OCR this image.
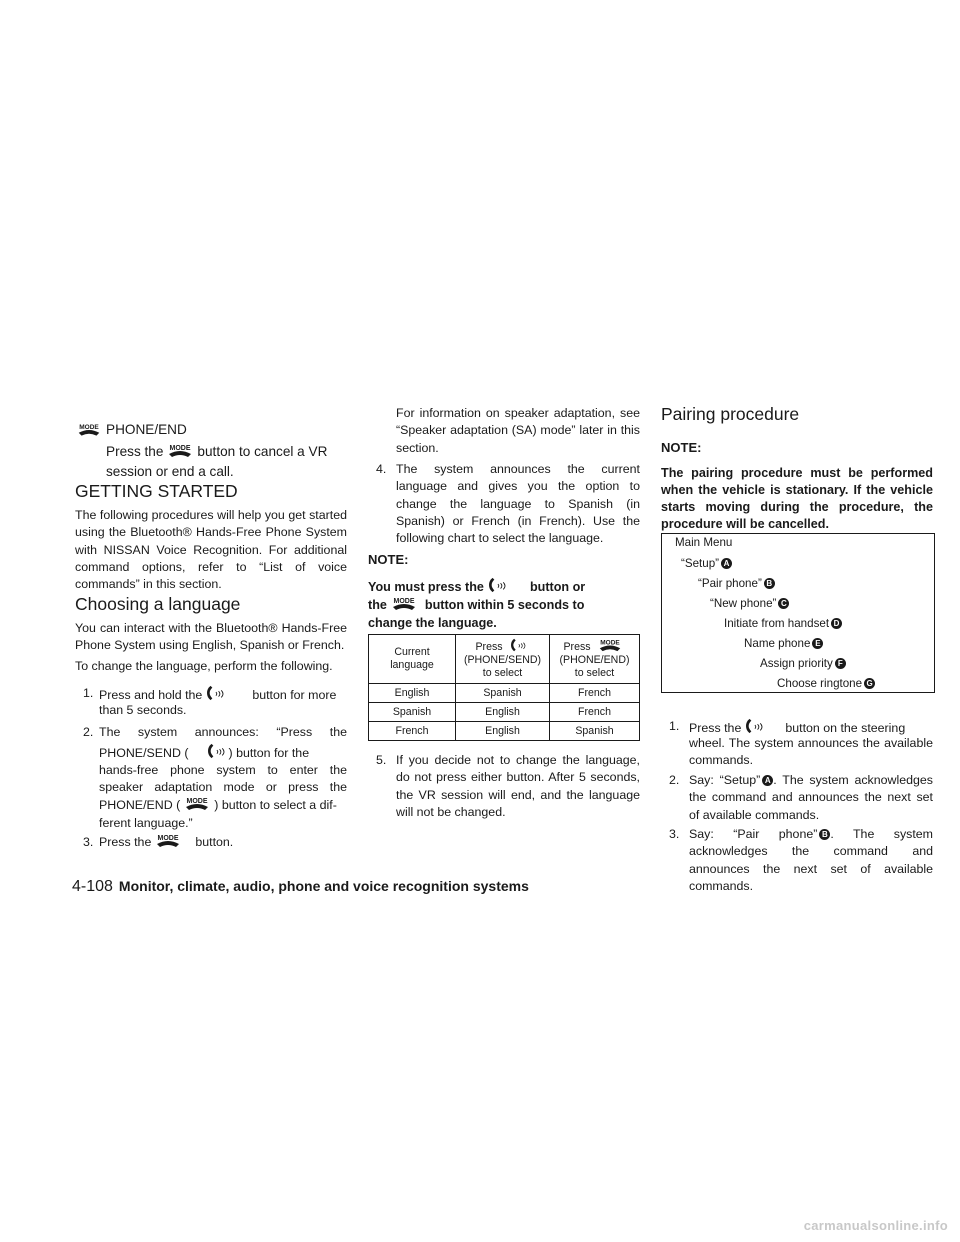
PHONE/END

Press the	button to cancel a VR

session or end a call.

GETTING STARTED

The following procedures will help you get started using the Bluetooth® Hands-Free Phone System with NISSAN Voice Recognition. For additional command options, refer to “List of voice commands” in this section.

Choosing a language

You can interact with the Bluetooth® Hands-Free Phone System using English, Spanish or French.

To change the language, perform the following.

1. Press and hold the	button for more

than 5 seconds.

2. The system announces: “Press the

PHONE/SEND (	) button for the

hands-free phone system to enter the

speaker adaptation mode or press the

PHONE/END (	) button to select a dif-

ferent language.”

3. Press the	button.

For information on speaker adaptation, see “Speaker adaptation (SA) mode” later in this section.

4. The system announces the current language and gives you the option to change the language to Spanish (in Spanish) or French (in French). Use the following chart to select the language.

NOTE:

You must press the	button or

the	button within 5 seconds to

change the language.

Current
language	Press
(PHONE/SEND)
to select	Press
(PHONE/END)
to select
English	Spanish	French
Spanish	English	French
French	English	Spanish

5. If you decide not to change the language, do not press either button. After 5 seconds, the VR session will end, and the language will not be changed.

Pairing procedure

NOTE:

The pairing procedure must be performed when the vehicle is stationary. If the vehicle starts moving during the procedure, the procedure will be cancelled.

Main Menu

“Setup” A

“Pair phone” B

“New phone” C

Initiate from handset D

Name phone E

Assign priority F

Choose ringtone G

1. Press the	button on the steering

wheel. The system announces the available commands.

2. Say: “Setup” A . The system acknowledges the command and announces the next set of available commands.

3. Say: “Pair phone” B . The system acknowledges the command and announces the next set of available commands.

4-108 Monitor, climate, audio, phone and voice recognition systems
carmanualsonline.info
